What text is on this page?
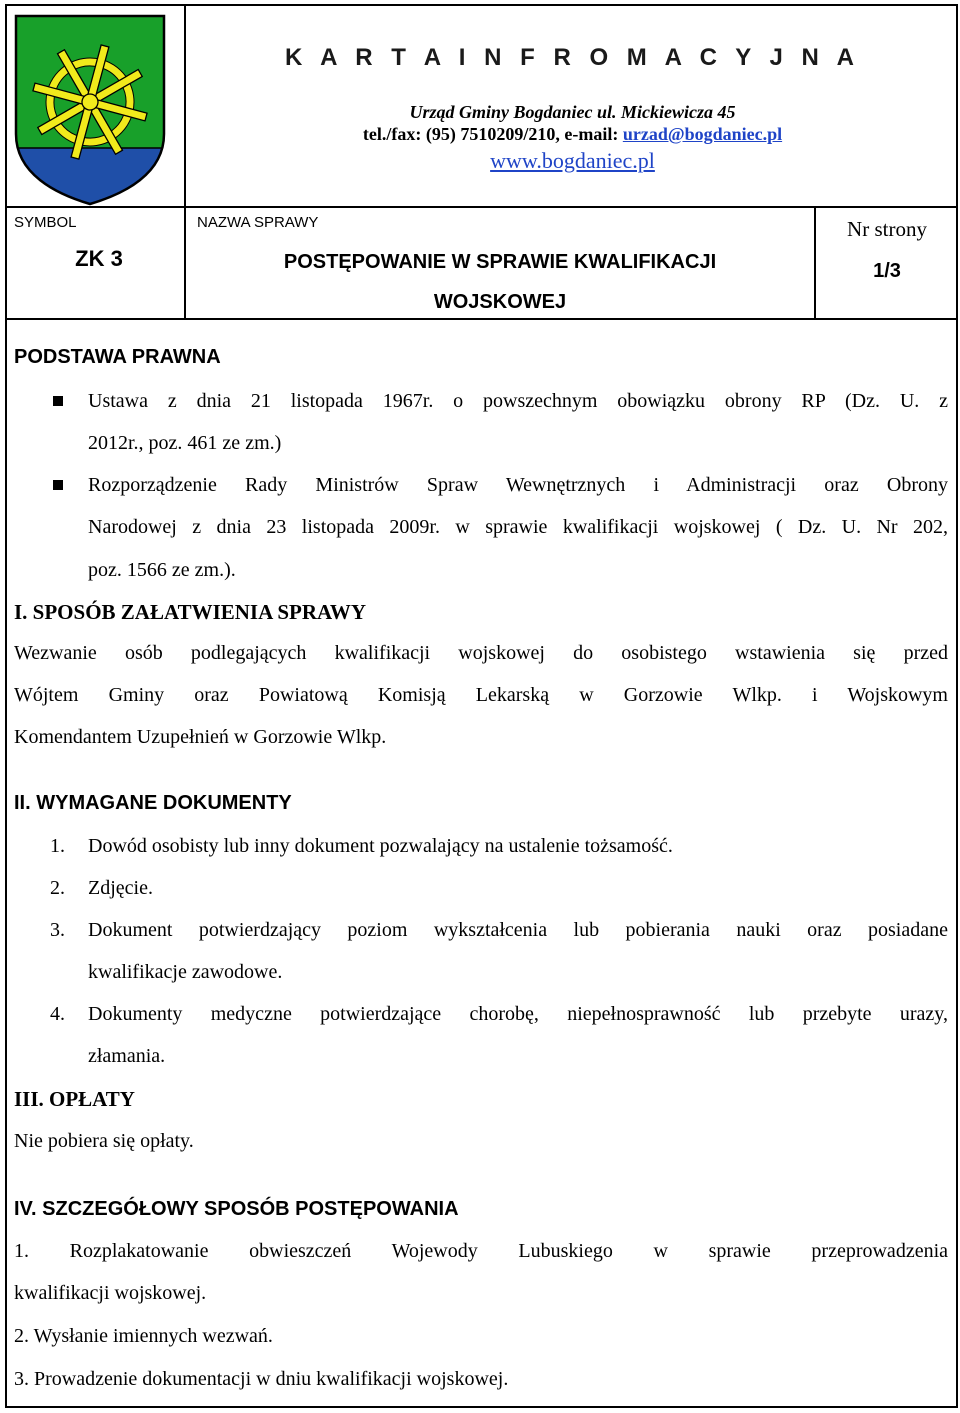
K A R T A I N F R O M A C Y J N A
Urząd Gminy Bogdaniec ul. Mickiewicza 45
tel./fax: (95) 7510209/210, e-mail: urzad@bogdaniec.pl
www.bogdaniec.pl
SYMBOL
ZK 3
NAZWA SPRAWY
POSTĘPOWANIE W SPRAWIE KWALIFIKACJI
WOJSKOWEJ
Nr strony
1/3
PODSTAWA PRAWNA
Ustawa z dnia 21 listopada 1967r. o powszechnym obowiązku obrony RP (Dz. U. z
2012r., poz. 461 ze zm.)
Rozporządzenie Rady Ministrów Spraw Wewnętrznych i Administracji oraz Obrony
Narodowej z dnia 23 listopada 2009r. w sprawie kwalifikacji wojskowej ( Dz. U. Nr 202,
poz. 1566 ze zm.).
I. SPOSÓB ZAŁATWIENIA SPRAWY
Wezwanie osób podlegających kwalifikacji wojskowej do osobistego wstawienia się przed
Wójtem Gminy oraz Powiatową Komisją Lekarską w Gorzowie Wlkp. i Wojskowym
Komendantem Uzupełnień w Gorzowie Wlkp.
II. WYMAGANE DOKUMENTY
1. Dowód osobisty lub inny dokument pozwalający na ustalenie tożsamość.
2. Zdjęcie.
3. Dokument potwierdzający poziom wykształcenia lub pobierania nauki oraz posiadane
kwalifikacje zawodowe.
4. Dokumenty medyczne potwierdzające chorobę, niepełnosprawność lub przebyte urazy,
złamania.
III. OPŁATY
Nie pobiera się opłaty.
IV. SZCZEGÓŁOWY SPOSÓB POSTĘPOWANIA
1. Rozplakatowanie obwieszczeń Wojewody Lubuskiego w sprawie przeprowadzenia
kwalifikacji wojskowej.
2. Wysłanie imiennych wezwań.
3. Prowadzenie dokumentacji w dniu kwalifikacji wojskowej.
